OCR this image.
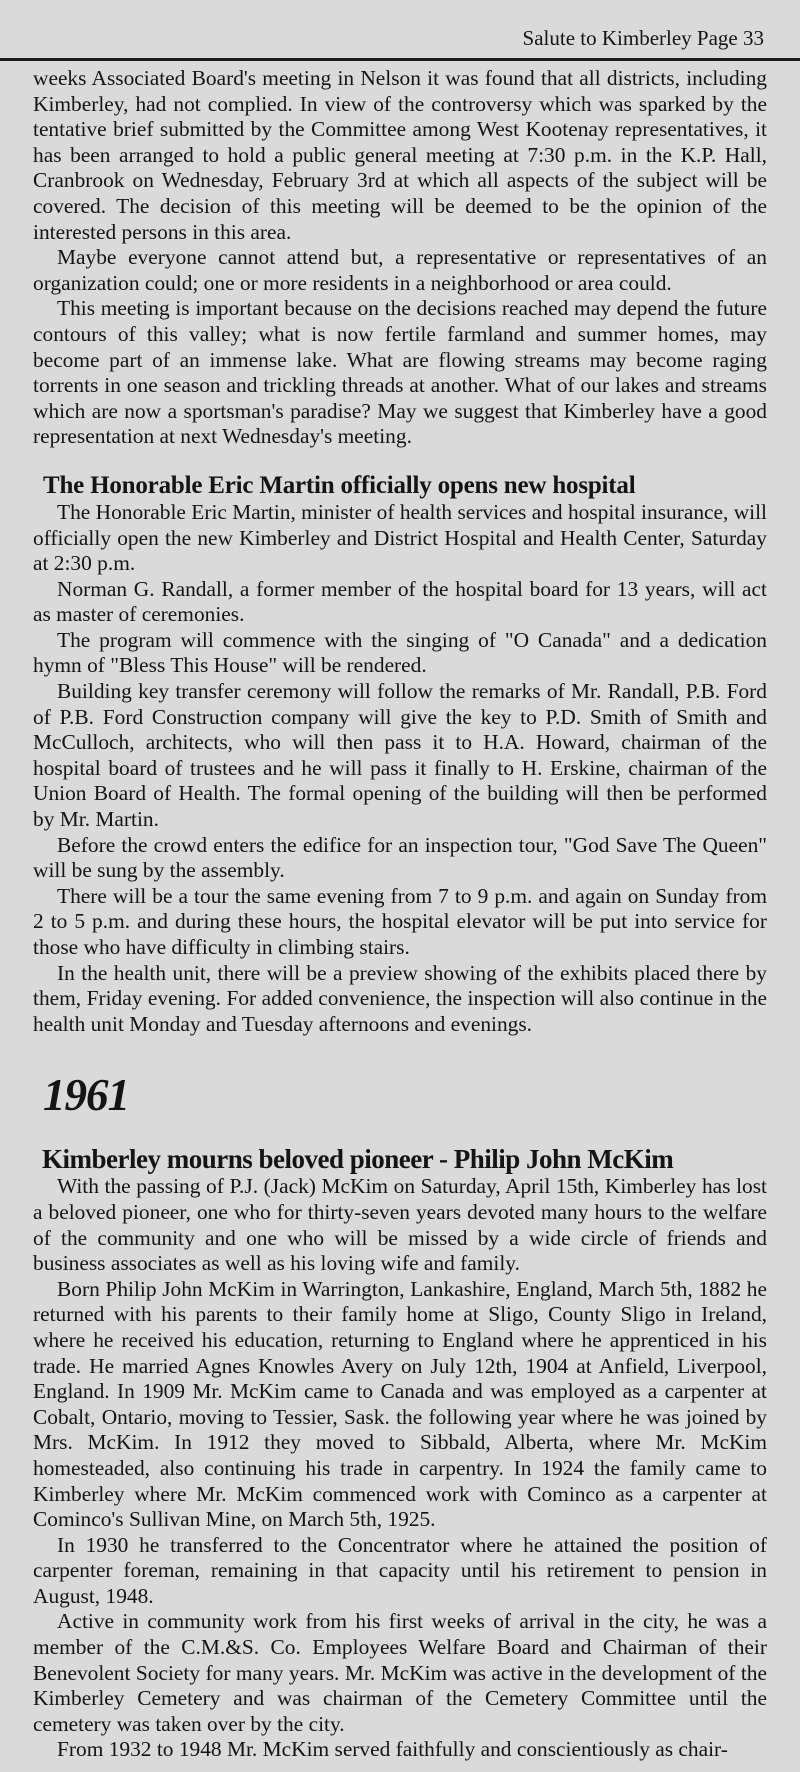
Salute to Kimberley Page 33

weeks Associated Board's meeting in Nelson it was found that all districts, including Kimberley, had not complied. In view of the controversy which was sparked by the tentative brief submitted by the Committee among West Kootenay representatives, it has been arranged to hold a public general meeting at 7:30 p.m. in the K.P. Hall, Cranbrook on Wednesday, February 3rd at which all aspects of the subject will be covered. The decision of this meeting will be deemed to be the opinion of the interested persons in this area.

Maybe everyone cannot attend but, a representative or representatives of an organization could; one or more residents in a neighborhood or area could.

This meeting is important because on the decisions reached may depend the future contours of this valley; what is now fertile farmland and summer homes, may become part of an immense lake. What are flowing streams may become raging torrents in one season and trickling threads at another. What of our lakes and streams which are now a sportsman's paradise? May we suggest that Kimberley have a good representation at next Wednesday's meeting.

The Honorable Eric Martin officially opens new hospital

The Honorable Eric Martin, minister of health services and hospital insurance, will officially open the new Kimberley and District Hospital and Health Center, Saturday at 2:30 p.m.

Norman G. Randall, a former member of the hospital board for 13 years, will act as master of ceremonies.

The program will commence with the singing of "O Canada" and a dedication hymn of "Bless This House" will be rendered.

Building key transfer ceremony will follow the remarks of Mr. Randall, P.B. Ford of P.B. Ford Construction company will give the key to P.D. Smith of Smith and McCulloch, architects, who will then pass it to H.A. Howard, chairman of the hospital board of trustees and he will pass it finally to H. Erskine, chairman of the Union Board of Health. The formal opening of the building will then be performed by Mr. Martin.

Before the crowd enters the edifice for an inspection tour, "God Save The Queen" will be sung by the assembly.

There will be a tour the same evening from 7 to 9 p.m. and again on Sunday from 2 to 5 p.m. and during these hours, the hospital elevator will be put into service for those who have difficulty in climbing stairs.

In the health unit, there will be a preview showing of the exhibits placed there by them, Friday evening. For added convenience, the inspection will also continue in the health unit Monday and Tuesday afternoons and evenings.

1961
Kimberley mourns beloved pioneer - Philip John McKim

With the passing of P.J. (Jack) McKim on Saturday, April 15th, Kimberley has lost a beloved pioneer, one who for thirty-seven years devoted many hours to the welfare of the community and one who will be missed by a wide circle of friends and business associates as well as his loving wife and family.

Born Philip John McKim in Warrington, Lankashire, England, March 5th, 1882 he returned with his parents to their family home at Sligo, County Sligo in Ireland, where he received his education, returning to England where he apprenticed in his trade. He married Agnes Knowles Avery on July 12th, 1904 at Anfield, Liverpool, England. In 1909 Mr. McKim came to Canada and was employed as a carpenter at Cobalt, Ontario, moving to Tessier, Sask. the following year where he was joined by Mrs. McKim. In 1912 they moved to Sibbald, Alberta, where Mr. McKim homesteaded, also continuing his trade in carpentry. In 1924 the family came to Kimberley where Mr. McKim commenced work with Cominco as a carpenter at Cominco's Sullivan Mine, on March 5th, 1925.

In 1930 he transferred to the Concentrator where he attained the position of carpenter foreman, remaining in that capacity until his retirement to pension in August, 1948.

Active in community work from his first weeks of arrival in the city, he was a member of the C.M.&S. Co. Employees Welfare Board and Chairman of their Benevolent Society for many years. Mr. McKim was active in the development of the Kimberley Cemetery and was chairman of the Cemetery Committee until the cemetery was taken over by the city.

From 1932 to 1948 Mr. McKim served faithfully and conscientiously as chair-
